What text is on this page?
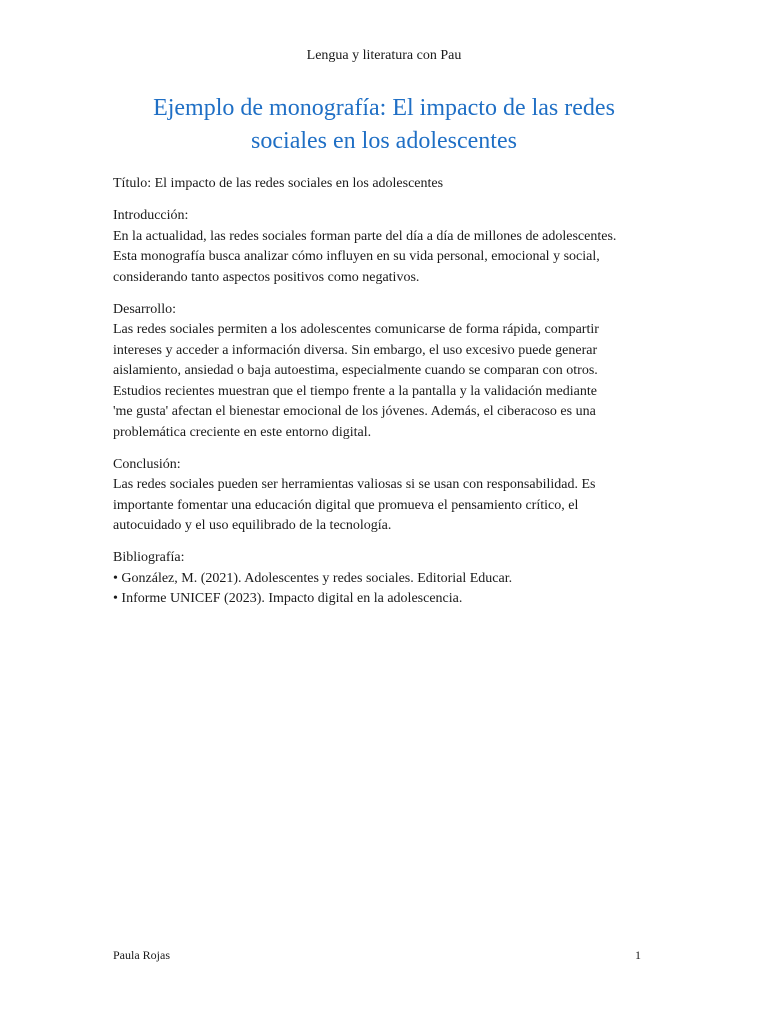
Lengua y literatura con Pau
Ejemplo de monografía: El impacto de las redes
sociales en los adolescentes

Título: El impacto de las redes sociales en los adolescentes

Introducción:

En la actualidad, las redes sociales forman parte del día a día de millones de adolescentes.

Esta monografía busca analizar cómo influyen en su vida personal, emocional y social,

considerando tanto aspectos positivos como negativos.

Desarrollo:

Las redes sociales permiten a los adolescentes comunicarse de forma rápida, compartir

intereses y acceder a información diversa. Sin embargo, el uso excesivo puede generar

aislamiento, ansiedad o baja autoestima, especialmente cuando se comparan con otros.

Estudios recientes muestran que el tiempo frente a la pantalla y la validación mediante

'me gusta' afectan el bienestar emocional de los jóvenes. Además, el ciberacoso es una

problemática creciente en este entorno digital.

Conclusión:

Las redes sociales pueden ser herramientas valiosas si se usan con responsabilidad. Es

importante fomentar una educación digital que promueva el pensamiento crítico, el

autocuidado y el uso equilibrado de la tecnología.

Bibliografía:

• González, M. (2021). Adolescentes y redes sociales. Editorial Educar.
• Informe UNICEF (2023). Impacto digital en la adolescencia.
Paula Rojas	1
